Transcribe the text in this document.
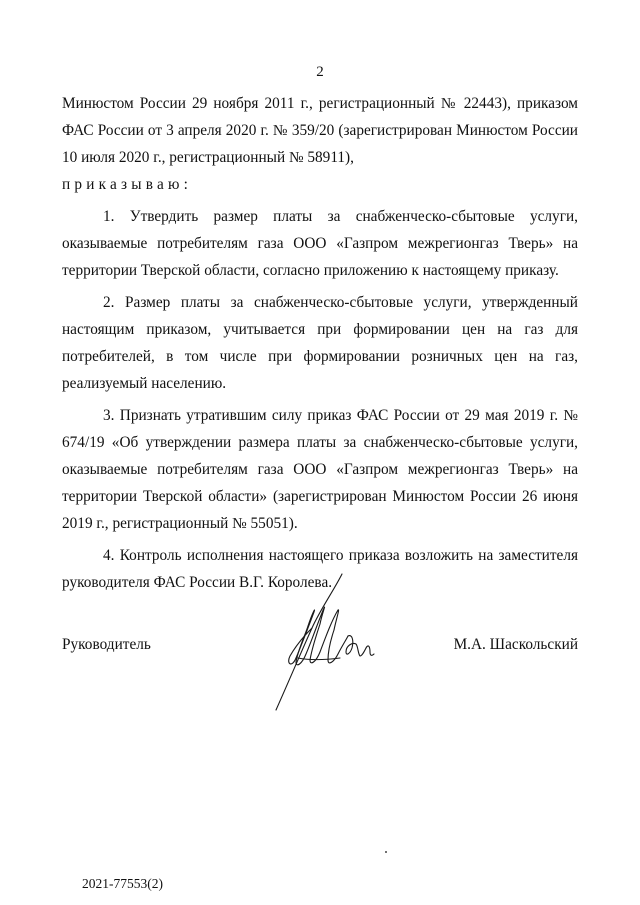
2

Минюстом России 29 ноября 2011 г., регистрационный № 22443), приказом ФАС России от 3 апреля 2020 г. № 359/20 (зарегистрирован Минюстом России 10 июля 2020 г., регистрационный № 58911),

приказываю:

1. Утвердить размер платы за снабженческо-сбытовые услуги, оказываемые потребителям газа ООО «Газпром межрегионгаз Тверь» на территории Тверской области, согласно приложению к настоящему приказу.

2. Размер платы за снабженческо-сбытовые услуги, утвержденный настоящим приказом, учитывается при формировании цен на газ для потребителей, в том числе при формировании розничных цен на газ, реализуемый населению.

3. Признать утратившим силу приказ ФАС России от 29 мая 2019 г. № 674/19 «Об утверждении размера платы за снабженческо-сбытовые услуги, оказываемые потребителям газа ООО «Газпром межрегионгаз Тверь» на территории Тверской области» (зарегистрирован Минюстом России 26 июня 2019 г., регистрационный № 55051).

4. Контроль исполнения настоящего приказа возложить на заместителя руководителя ФАС России В.Г. Королева.

Руководитель	М.А. Шаскольский
2021-77553(2)
